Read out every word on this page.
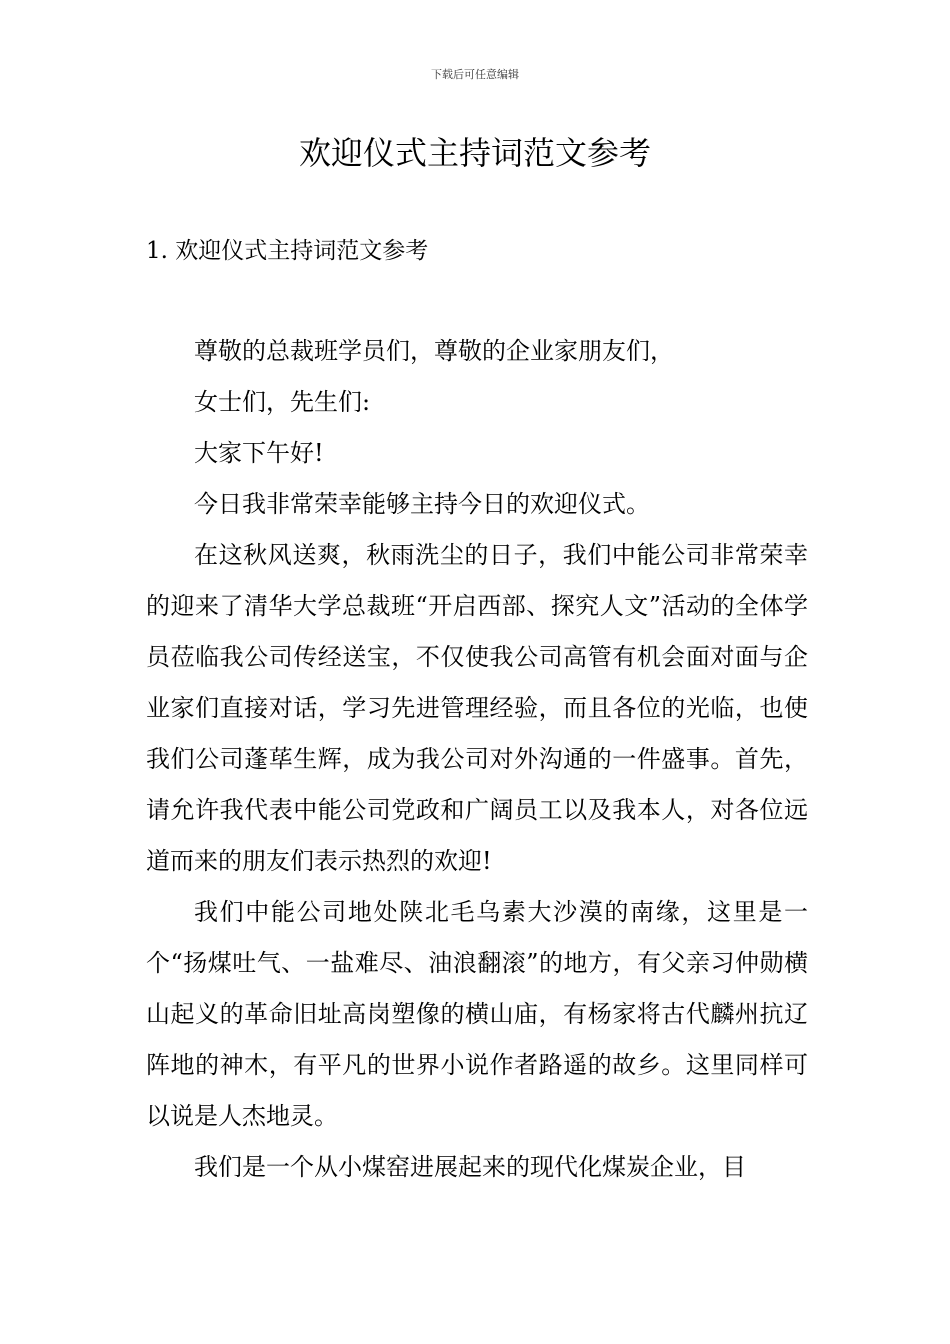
下载后可任意编辑
欢迎仪式主持词范文参考
1. 欢迎仪式主持词范文参考

尊敬的总裁班学员们，尊敬的企业家朋友们，

女士们，先生们:

大家下午好!

今日我非常荣幸能够主持今日的欢迎仪式。

在这秋风送爽，秋雨洗尘的日子，我们中能公司非常荣幸的迎来了清华大学总裁班“开启西部、探究人文”活动的全体学员莅临我公司传经送宝，不仅使我公司高管有机会面对面与企业家们直接对话，学习先进管理经验，而且各位的光临，也使我们公司蓬荜生辉，成为我公司对外沟通的一件盛事。首先，请允许我代表中能公司党政和广阔员工以及我本人，对各位远道而来的朋友们表示热烈的欢迎!

我们中能公司地处陕北毛乌素大沙漠的南缘，这里是一个“扬煤吐气、一盐难尽、油浪翻滚”的地方，有父亲习仲勋横山起义的革命旧址高岗塑像的横山庙，有杨家将古代麟州抗辽阵地的神木，有平凡的世界小说作者路遥的故乡。这里同样可以说是人杰地灵。

我们是一个从小煤窑进展起来的现代化煤炭企业，目
